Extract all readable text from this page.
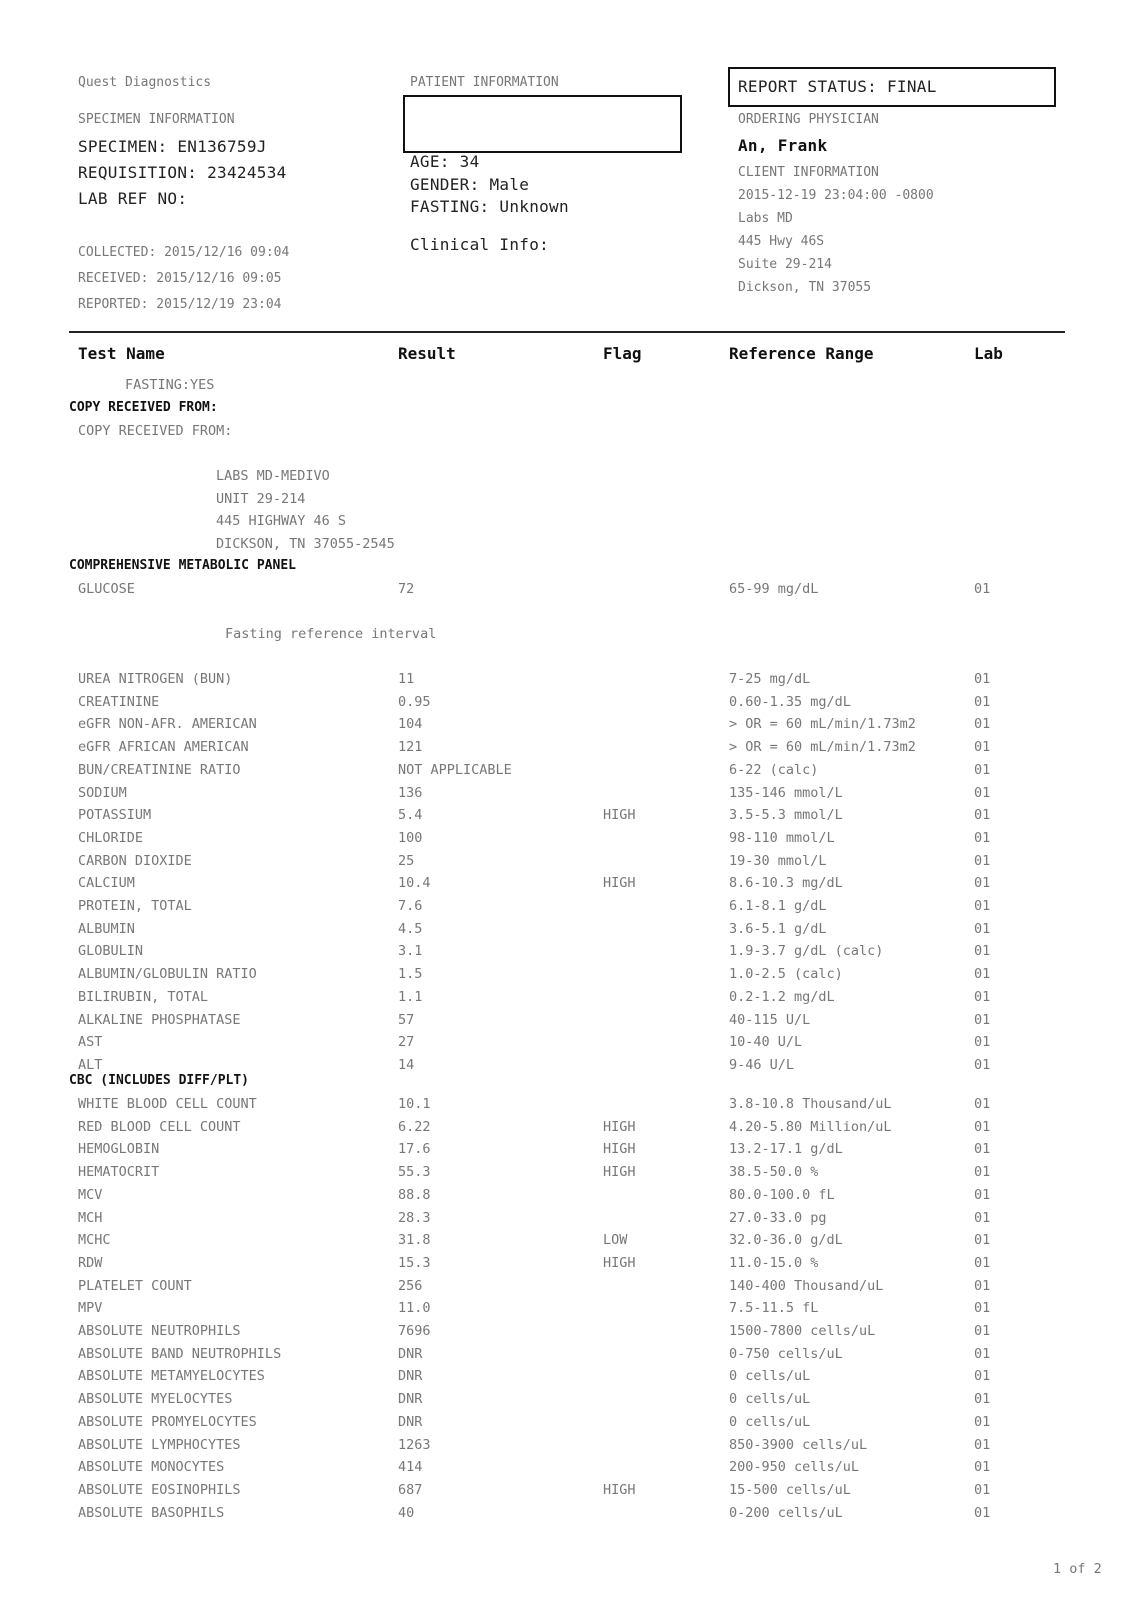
Quest Diagnostics
SPECIMEN INFORMATION
SPECIMEN: EN136759J
REQUISITION: 23424534
LAB REF NO:
COLLECTED: 2015/12/16 09:04
RECEIVED: 2015/12/16 09:05
REPORTED: 2015/12/19 23:04
PATIENT INFORMATION
AGE: 34
GENDER: Male
FASTING: Unknown
Clinical Info:
REPORT STATUS: FINAL
ORDERING PHYSICIAN
An, Frank
CLIENT INFORMATION
2015-12-19 23:04:00 -0800
Labs MD
445 Hwy 46S
Suite 29-214
Dickson, TN 37055
Test Name	Result	Flag	Reference Range	Lab
FASTING:YES
COPY RECEIVED FROM:
COPY RECEIVED FROM:
LABS MD-MEDIVO
UNIT 29-214
445 HIGHWAY 46 S
DICKSON, TN 37055-2545
COMPREHENSIVE METABOLIC PANEL
GLUCOSE	72	65-99 mg/dL	01
Fasting reference interval
UREA NITROGEN (BUN)	11	7-25 mg/dL	01
CREATININE	0.95	0.60-1.35 mg/dL	01
eGFR NON-AFR. AMERICAN	104	> OR = 60 mL/min/1.73m2	01
eGFR AFRICAN AMERICAN	121	> OR = 60 mL/min/1.73m2	01
BUN/CREATININE RATIO	NOT APPLICABLE	6-22 (calc)	01
SODIUM	136	135-146 mmol/L	01
POTASSIUM	5.4	HIGH	3.5-5.3 mmol/L	01
CHLORIDE	100	98-110 mmol/L	01
CARBON DIOXIDE	25	19-30 mmol/L	01
CALCIUM	10.4	HIGH	8.6-10.3 mg/dL	01
PROTEIN, TOTAL	7.6	6.1-8.1 g/dL	01
ALBUMIN	4.5	3.6-5.1 g/dL	01
GLOBULIN	3.1	1.9-3.7 g/dL (calc)	01
ALBUMIN/GLOBULIN RATIO	1.5	1.0-2.5 (calc)	01
BILIRUBIN, TOTAL	1.1	0.2-1.2 mg/dL	01
ALKALINE PHOSPHATASE	57	40-115 U/L	01
AST	27	10-40 U/L	01
ALT	14	9-46 U/L	01
CBC (INCLUDES DIFF/PLT)
WHITE BLOOD CELL COUNT	10.1	3.8-10.8 Thousand/uL	01
RED BLOOD CELL COUNT	6.22	HIGH	4.20-5.80 Million/uL	01
HEMOGLOBIN	17.6	HIGH	13.2-17.1 g/dL	01
HEMATOCRIT	55.3	HIGH	38.5-50.0 %	01
MCV	88.8	80.0-100.0 fL	01
MCH	28.3	27.0-33.0 pg	01
MCHC	31.8	LOW	32.0-36.0 g/dL	01
RDW	15.3	HIGH	11.0-15.0 %	01
PLATELET COUNT	256	140-400 Thousand/uL	01
MPV	11.0	7.5-11.5 fL	01
ABSOLUTE NEUTROPHILS	7696	1500-7800 cells/uL	01
ABSOLUTE BAND NEUTROPHILS	DNR	0-750 cells/uL	01
ABSOLUTE METAMYELOCYTES	DNR	0 cells/uL	01
ABSOLUTE MYELOCYTES	DNR	0 cells/uL	01
ABSOLUTE PROMYELOCYTES	DNR	0 cells/uL	01
ABSOLUTE LYMPHOCYTES	1263	850-3900 cells/uL	01
ABSOLUTE MONOCYTES	414	200-950 cells/uL	01
ABSOLUTE EOSINOPHILS	687	HIGH	15-500 cells/uL	01
ABSOLUTE BASOPHILS	40	0-200 cells/uL	01
1 of 2
